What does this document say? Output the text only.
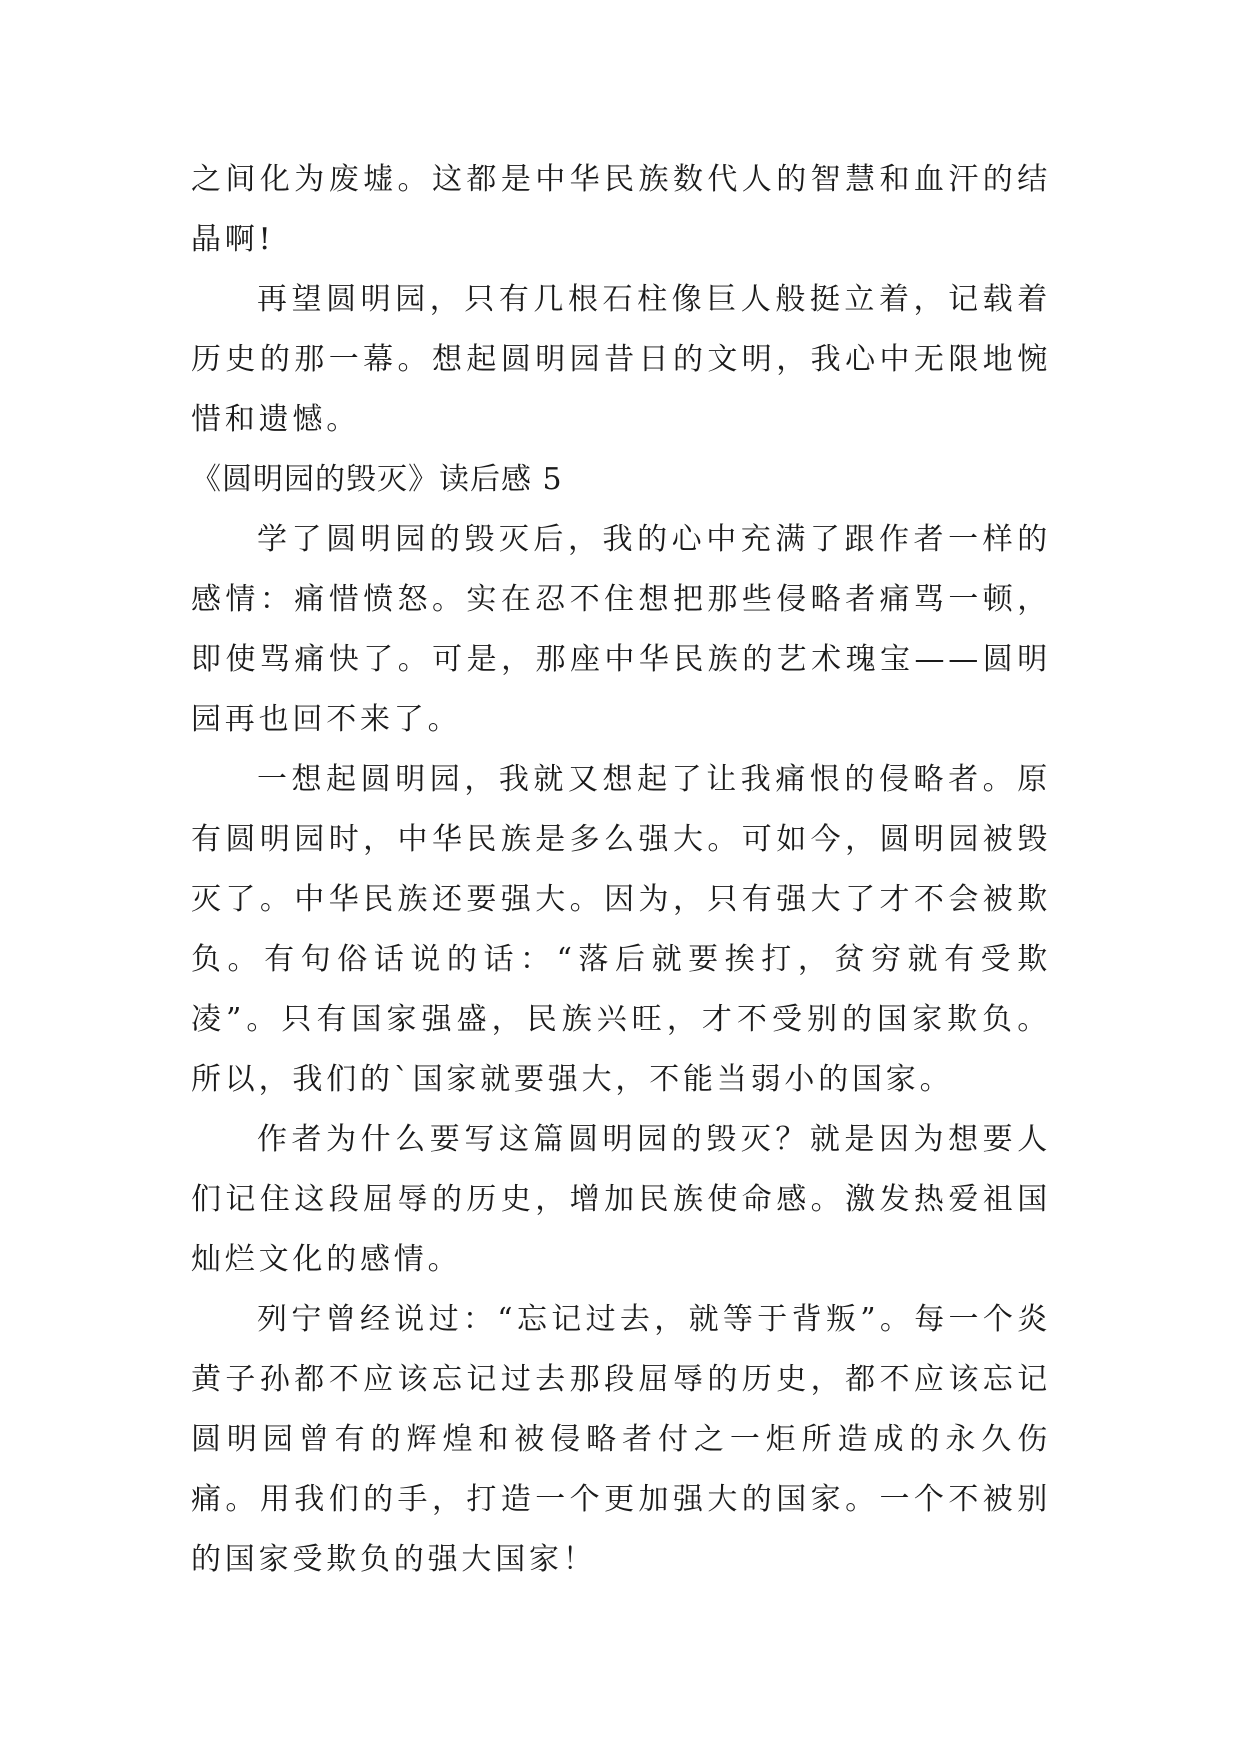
之间化为废墟。这都是中华民族数代人的智慧和血汗的结晶啊!

再望圆明园，只有几根石柱像巨人般挺立着，记载着历史的那一幕。想起圆明园昔日的文明，我心中无限地惋惜和遗憾。

《圆明园的毁灭》读后感 5

学了圆明园的毁灭后，我的心中充满了跟作者一样的感情：痛惜愤怒。实在忍不住想把那些侵略者痛骂一顿，即使骂痛快了。可是，那座中华民族的艺术瑰宝——圆明园再也回不来了。

一想起圆明园，我就又想起了让我痛恨的侵略者。原有圆明园时，中华民族是多么强大。可如今，圆明园被毁灭了。中华民族还要强大。因为，只有强大了才不会被欺负。有句俗话说的话：“落后就要挨打，贫穷就有受欺凌”。只有国家强盛，民族兴旺，才不受别的国家欺负。所以，我们的`国家就要强大，不能当弱小的国家。

作者为什么要写这篇圆明园的毁灭？就是因为想要人们记住这段屈辱的历史，增加民族使命感。激发热爱祖国灿烂文化的感情。

列宁曾经说过：“忘记过去，就等于背叛”。每一个炎黄子孙都不应该忘记过去那段屈辱的历史，都不应该忘记圆明园曾有的辉煌和被侵略者付之一炬所造成的永久伤痛。用我们的手，打造一个更加强大的国家。一个不被别的国家受欺负的强大国家！
